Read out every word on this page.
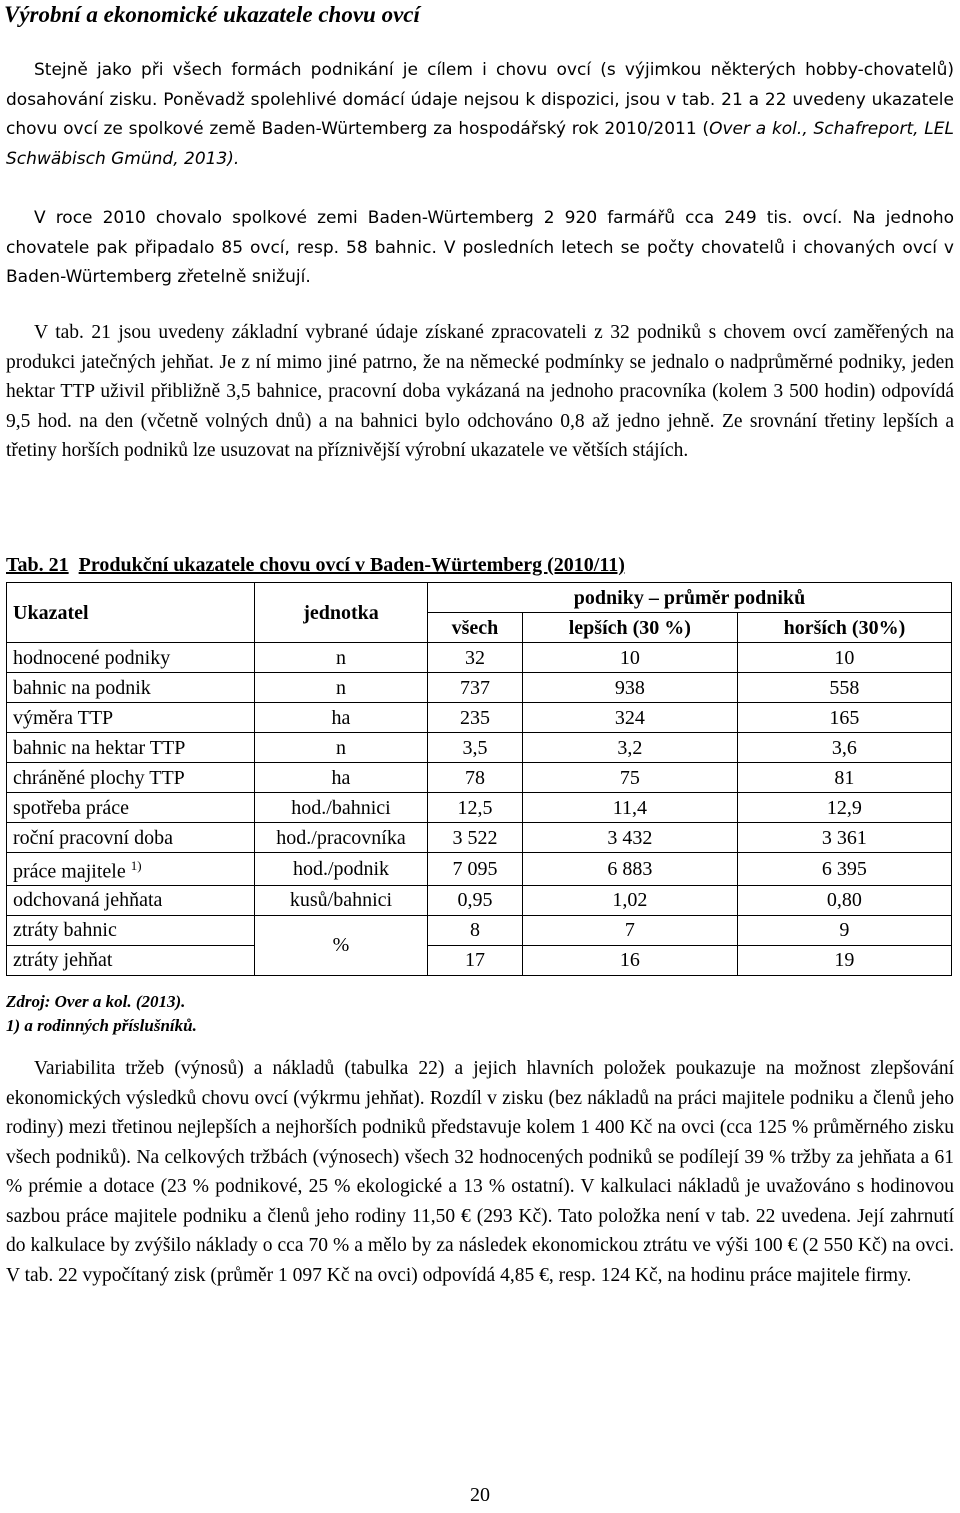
Výrobní a ekonomické ukazatele chovu ovcí

Stejně jako při všech formách podnikání je cílem i chovu ovcí (s výjimkou některých hobby-chovatelů) dosahování zisku. Poněvadž spolehlivé domácí údaje nejsou k dispozici, jsou v tab. 21 a 22 uvedeny ukazatele chovu ovcí ze spolkové země Baden-Würtemberg za hospodářský rok 2010/2011 (Over a kol., Schafreport, LEL Schwäbisch Gmünd, 2013).

V roce 2010 chovalo spolkové zemi Baden-Würtemberg 2 920 farmářů cca 249 tis. ovcí. Na jednoho chovatele pak připadalo 85 ovcí, resp. 58 bahnic. V posledních letech se počty chovatelů i chovaných ovcí v Baden-Würtemberg zřetelně snižují.

V tab. 21 jsou uvedeny základní vybrané údaje získané zpracovateli z 32 podniků s chovem ovcí zaměřených na produkci jatečných jehňat. Je z ní mimo jiné patrno, že na německé podmínky se jednalo o nadprůměrné podniky, jeden hektar TTP uživil přibližně 3,5 bahnice, pracovní doba vykázaná na jednoho pracovníka (kolem 3 500 hodin) odpovídá 9,5 hod. na den (včetně volných dnů) a na bahnici bylo odchováno 0,8 až jedno jehně. Ze srovnání třetiny lepších a třetiny horších podniků lze usuzovat na příznivější výrobní ukazatele ve větších stájích.

Tab. 21 Produkční ukazatele chovu ovcí v Baden-Würtemberg (2010/11)

Ukazatel	jednotka	podniky – průměr podniků		
		všech	lepších (30 %)	horších (30%)
hodnocené podniky	n	32	10	10
bahnic na podnik	n	737	938	558
výměra TTP	ha	235	324	165
bahnic na hektar TTP	n	3,5	3,2	3,6
chráněné plochy TTP	ha	78	75	81
spotřeba práce	hod./bahnici	12,5	11,4	12,9
roční pracovní doba	hod./pracovníka	3 522	3 432	3 361
práce majitele $^{1)}$	hod./podnik	7 095	6 883	6 395
odchovaná jehňata	kusů/bahnici	0,95	1,02	0,80
ztráty bahnic	%	8	7	9
ztráty jehňat		17	16	19
Zdroj: Over a kol. (2013).
1) a rodinných příslušníků.

Variabilita tržeb (výnosů) a nákladů (tabulka 22) a jejich hlavních položek poukazuje na možnost zlepšování ekonomických výsledků chovu ovcí (výkrmu jehňat). Rozdíl v zisku (bez nákladů na práci majitele podniku a členů jeho rodiny) mezi třetinou nejlepších a nejhorších podniků představuje kolem 1 400 Kč na ovci (cca 125 % průměrného zisku všech podniků). Na celkových tržbách (výnosech) všech 32 hodnocených podniků se podílejí 39 % tržby za jehňata a 61 % prémie a dotace (23 % podnikové, 25 % ekologické a 13 % ostatní). V kalkulaci nákladů je uvažováno s hodinovou sazbou práce majitele podniku a členů jeho rodiny 11,50 € (293 Kč). Tato položka není v tab. 22 uvedena. Její zahrnutí do kalkulace by zvýšilo náklady o cca 70 % a mělo by za následek ekonomickou ztrátu ve výši 100 € (2 550 Kč) na ovci. V tab. 22 vypočítaný zisk (průměr 1 097 Kč na ovci) odpovídá 4,85 €, resp. 124 Kč, na hodinu práce majitele firmy.

20
